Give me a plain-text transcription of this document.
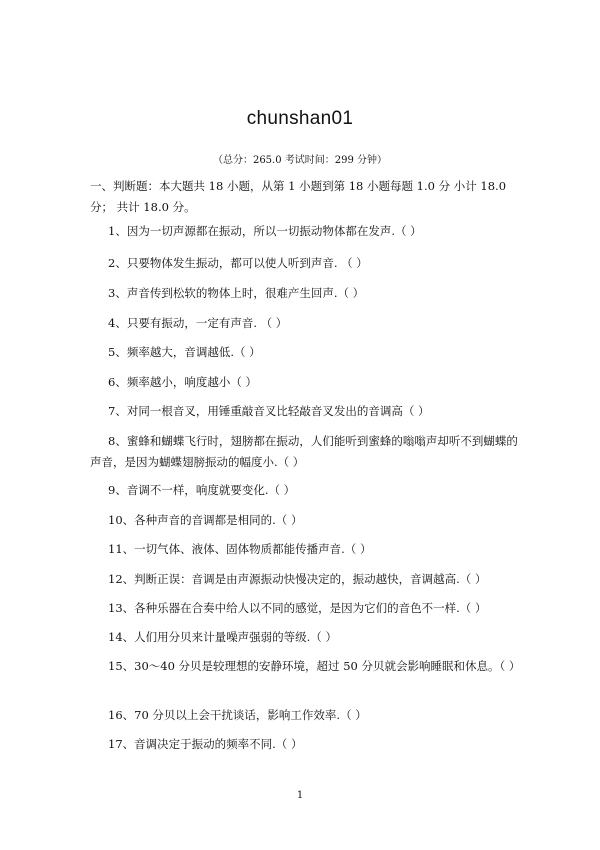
chunshan01
（总分：265.0 考试时间：299 分钟）
一、判断题：本大题共 18 小题，从第 1 小题到第 18 小题每题 1.0 分 小计 18.0 分； 共计 18.0 分。
1、因为一切声源都在振动，所以一切振动物体都在发声.（ ）
2、只要物体发生振动，都可以使人听到声音. （ ）
3、声音传到松软的物体上时，很难产生回声.（ ）
4、只要有振动，一定有声音. （ ）
5、频率越大，音调越低.（ ）
6、频率越小，响度越小（ ）
7、对同一根音叉，用锤重敲音叉比轻敲音叉发出的音调高（ ）
8、蜜蜂和蝴蝶飞行时，翅膀都在振动，人们能听到蜜蜂的嗡嗡声却听不到蝴蝶的声音，是因为蝴蝶翅膀振动的幅度小.（ ）
9、音调不一样，响度就要变化.（ ）
10、各种声音的音调都是相同的.（ ）
11、一切气体、液体、固体物质都能传播声音.（ ）
12、判断正误：音调是由声源振动快慢决定的，振动越快，音调越高.（ ）
13、各种乐器在合奏中给人以不同的感觉，是因为它们的音色不一样.（ ）
14、人们用分贝来计量噪声强弱的等级.（ ）
15、30～40 分贝是较理想的安静环境，超过 50 分贝就会影响睡眠和休息。（ ）
16、70 分贝以上会干扰谈话，影响工作效率.（ ）
17、音调决定于振动的频率不同.（ ）
1
